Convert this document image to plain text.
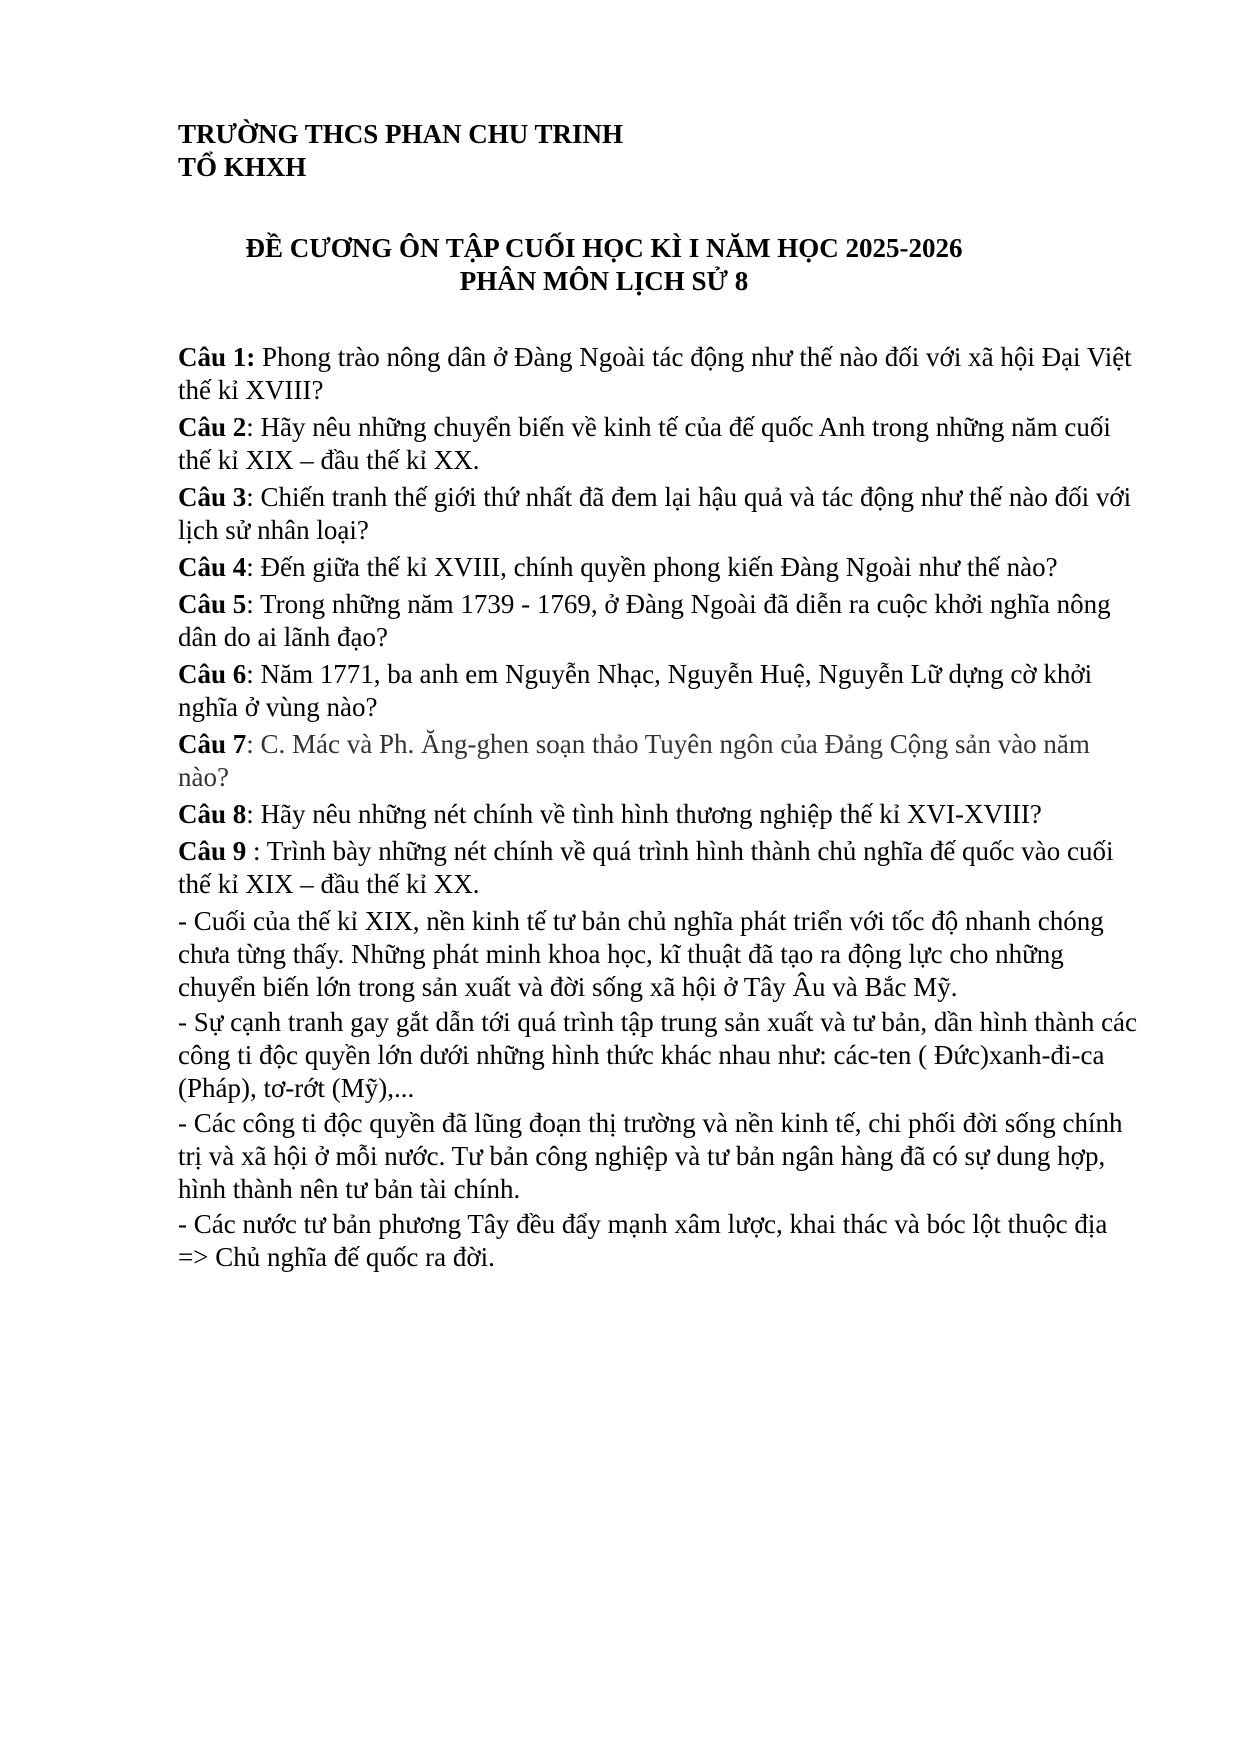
TRƯỜNG THCS PHAN CHU TRINH

TỔ KHXH

ĐỀ CƯƠNG ÔN TẬP CUỐI HỌC KÌ I NĂM HỌC 2025-2026

PHÂN MÔN LỊCH SỬ 8

Câu 1: Phong trào nông dân ở Đàng Ngoài tác động như thế nào đối với xã hội Đại Việt thế kỉ XVIII?

Câu 2: Hãy nêu những chuyển biến về kinh tế của đế quốc Anh trong những năm cuối thế kỉ XIX – đầu thế kỉ XX.

Câu 3: Chiến tranh thế giới thứ nhất đã đem lại hậu quả và tác động như thế nào đối với lịch sử nhân loại?

Câu 4: Đến giữa thế kỉ XVIII, chính quyền phong kiến Đàng Ngoài như thế nào?

Câu 5: Trong những năm 1739 - 1769, ở Đàng Ngoài đã diễn ra cuộc khởi nghĩa nông dân do ai lãnh đạo?

Câu 6: Năm 1771, ba anh em Nguyễn Nhạc, Nguyễn Huệ, Nguyễn Lữ dựng cờ khởi nghĩa ở vùng nào?

Câu 7: C. Mác và Ph. Ăng-ghen soạn thảo Tuyên ngôn của Đảng Cộng sản vào năm nào?

Câu 8: Hãy nêu những nét chính về tình hình thương nghiệp thế kỉ XVI-XVIII?

Câu 9 : Trình bày những nét chính về quá trình hình thành chủ nghĩa đế quốc vào cuối thế kỉ XIX – đầu thế kỉ XX.

- Cuối của thế kỉ XIX, nền kinh tế tư bản chủ nghĩa phát triển với tốc độ nhanh chóng chưa từng thấy. Những phát minh khoa học, kĩ thuật đã tạo ra động lực cho những chuyển biến lớn trong sản xuất và đời sống xã hội ở Tây Âu và Bắc Mỹ.

- Sự cạnh tranh gay gắt dẫn tới quá trình tập trung sản xuất và tư bản, dần hình thành các công ti độc quyền lớn dưới những hình thức khác nhau như: các-ten ( Đức)xanh-đi-ca (Pháp), tơ-rớt (Mỹ),...

- Các công ti độc quyền đã lũng đoạn thị trường và nền kinh tế, chi phối đời sống chính trị và xã hội ở mỗi nước. Tư bản công nghiệp và tư bản ngân hàng đã có sự dung hợp, hình thành nên tư bản tài chính.

- Các nước tư bản phương Tây đều đẩy mạnh xâm lược, khai thác và bóc lột thuộc địa => Chủ nghĩa đế quốc ra đời.
